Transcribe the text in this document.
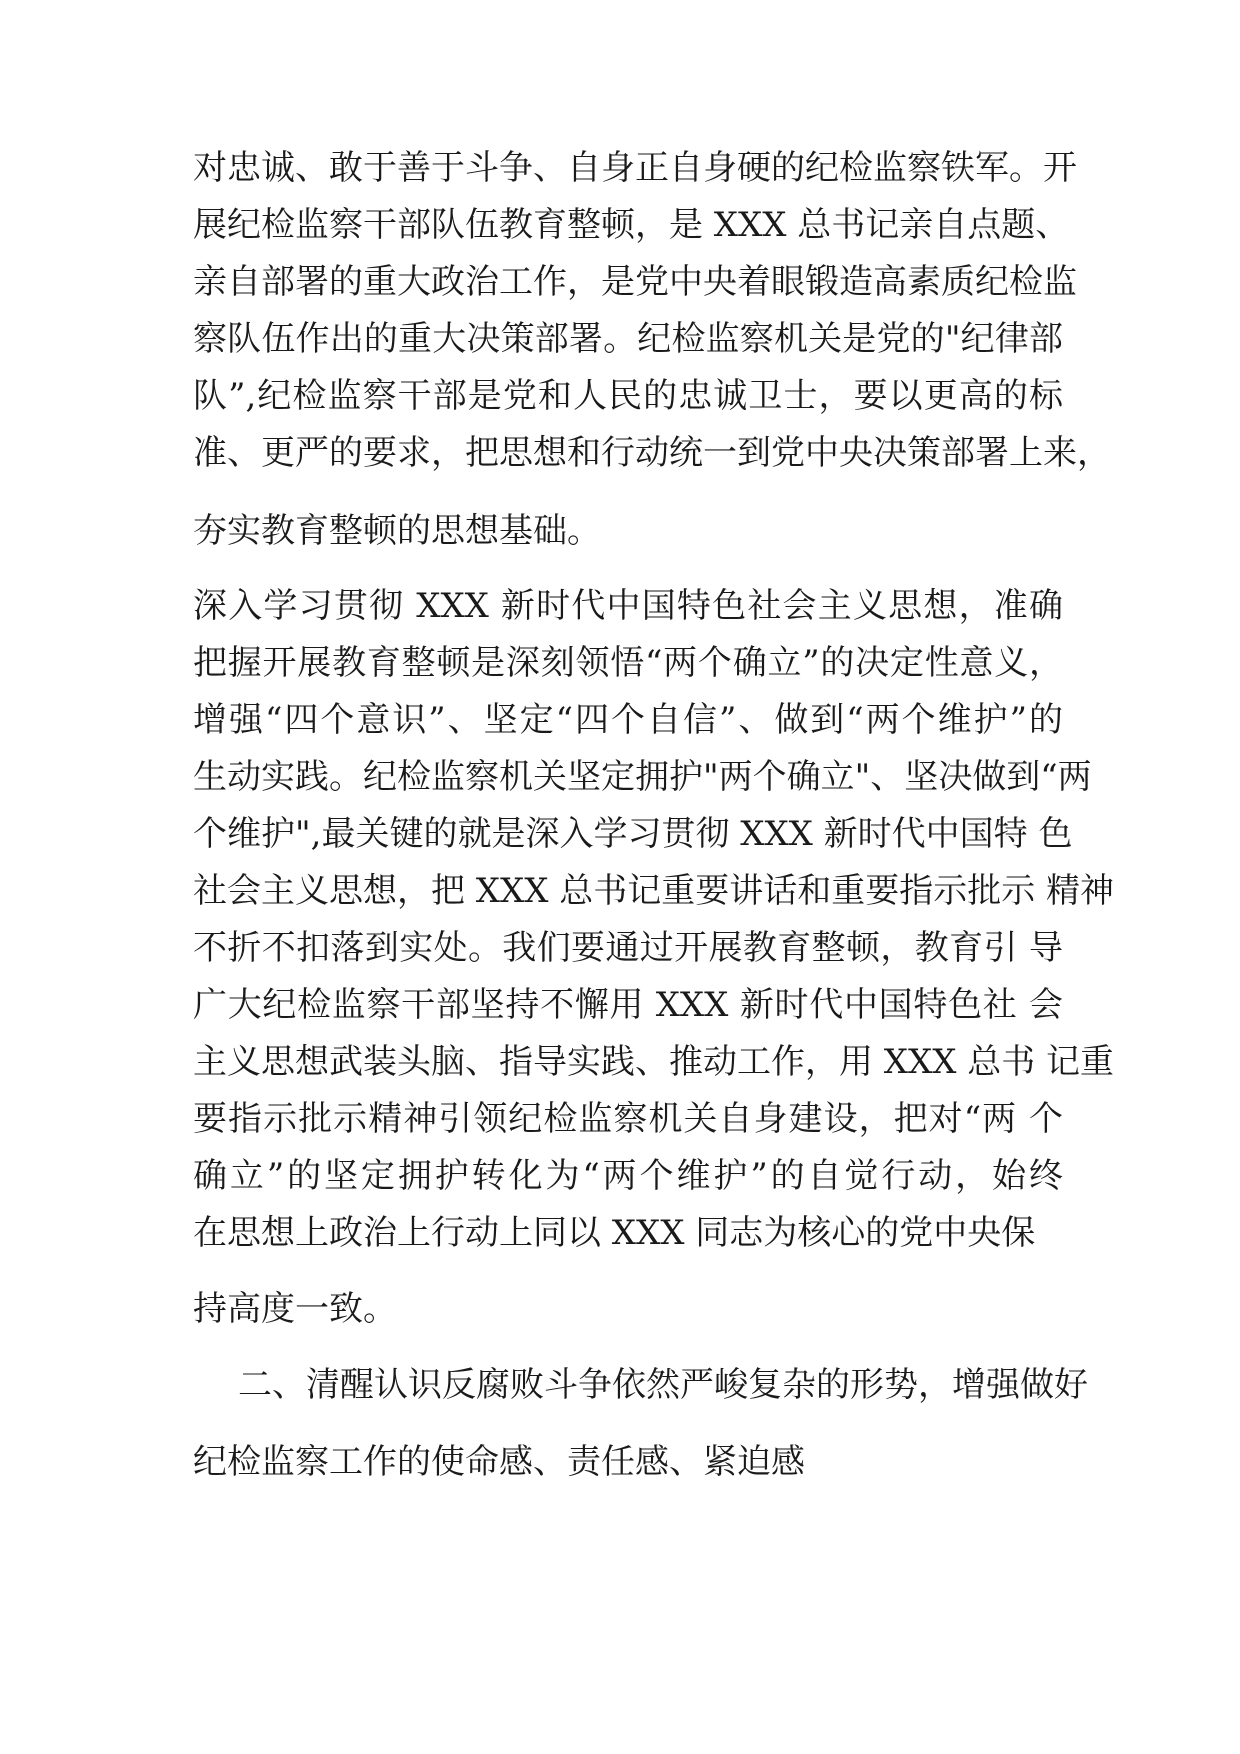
对忠诚、敢于善于斗争、自身正自身硬的纪检监察铁军。开
展纪检监察干部队伍教育整顿，是 XXX 总书记亲自点题、
亲自部署的重大政治工作，是党中央着眼锻造高素质纪检监
察队伍作出的重大决策部署。纪检监察机关是党的"纪律部
队”,纪检监察干部是党和人民的忠诚卫士，要以更高的标
准、更严的要求，把思想和行动统一到党中央决策部署上来，
夯实教育整顿的思想基础。
深入学习贯彻 XXX 新时代中国特色社会主义思想，准确
把握开展教育整顿是深刻领悟“两个确立”的决定性意义，
增强“四个意识”、坚定“四个自信”、做到“两个维护”的
生动实践。纪检监察机关坚定拥护"两个确立"、坚决做到“两
个维护",最关键的就是深入学习贯彻 XXX 新时代中国特 色
社会主义思想，把 XXX 总书记重要讲话和重要指示批示 精神
不折不扣落到实处。我们要通过开展教育整顿，教育引 导
广大纪检监察干部坚持不懈用 XXX 新时代中国特色社 会
主义思想武装头脑、指导实践、推动工作，用 XXX 总书 记重
要指示批示精神引领纪检监察机关自身建设，把对“两 个
确立”的坚定拥护转化为“两个维护”的自觉行动，始终
在思想上政治上行动上同以 XXX 同志为核心的党中央保
持高度一致。
二、清醒认识反腐败斗争依然严峻复杂的形势，增强做好
纪检监察工作的使命感、责任感、紧迫感
